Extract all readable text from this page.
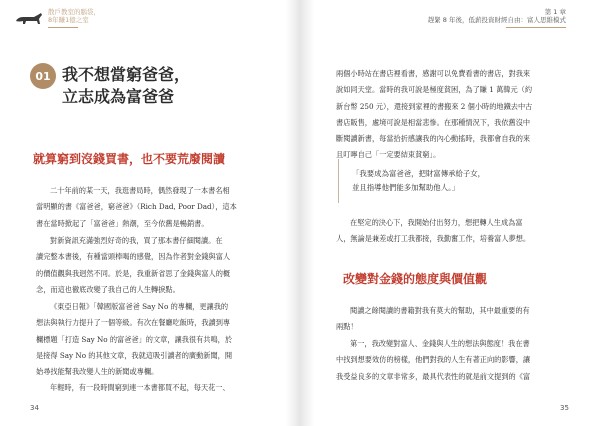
散戶教室的腦袋，
8年賺1億之室
01 我不想當窮爸爸，
立志成為富爸爸
就算窮到沒錢買書，也不要荒廢閱讀
二十年前的某一天，我逛書局時，偶然發現了一本書名相
當明顯的書《富爸爸，窮爸爸》（Rich Dad, Poor Dad），這本
書在當時掀起了「富爸爸」熱潮，至今依舊是暢銷書。
對新資訊充滿強烈好奇的我，買了那本書仔細閱讀。在
讀完整本書後，有種當頭棒喝的感覺，因為作者對金錢與富人
的價值觀與我迥然不同。於是，我重新省思了金錢與富人的概
念，而這也徹底改變了我自己的人生轉捩點。
《東亞日報》「韓國版富爸爸 Say No 的專欄，更讓我的
想法與執行力提升了一個等級。有次在餐廳吃飯時，我讀到專
欄標題「打造 Say No 的富爸爸」的文章，讓我很有共鳴，於
是接得 Say No 的其他文章，我就這吸引讀者的廣動新聞，開
始尋找能幫我改變人生的新聞或專欄。
年輕時，有一段時間窮到連一本書都買不起，每天花一、
34
第 1 章
趕緊 8 年後，低薪投資財經自由：富人思維模式
兩個小時站在書店裡看書，感謝可以免費看書的書店，對我來
說如同天堂。當時的我可說是極度貧困，為了賺 1 萬韓元（約
新台幣 250 元），還接到家裡的書搬來 2 個小時的地鐵去中古
書店販售，處境可說是相當悲慘。在那種情況下，我依舊沒中
斷閱讀新書，每當拾折感讓我的內心動搖時，我都會自我的來
且叮嚀自己「一定要結束貧窮」。
「我要成為富爸爸，把財富傳承給子女，
並且指導他們能多加幫助他人。」
在堅定的決心下，我開始付出努力，想把轉人生成為富
人，無論是兼差或打工我都接，我勤奮工作，培養富人夢想。
改變對金錢的態度與價值觀
閱讀之餘閱讀的書籍對我有莫大的幫助，其中最重要的有
兩點！
第一，我改變對富人、金錢與人生的想法與態度！我在書
中找到想要效仿的榜樣，他們對我的人生有著正向的影響，讓
我受益良多的文章非常多，最具代表性的就是前文提到的《富
35
